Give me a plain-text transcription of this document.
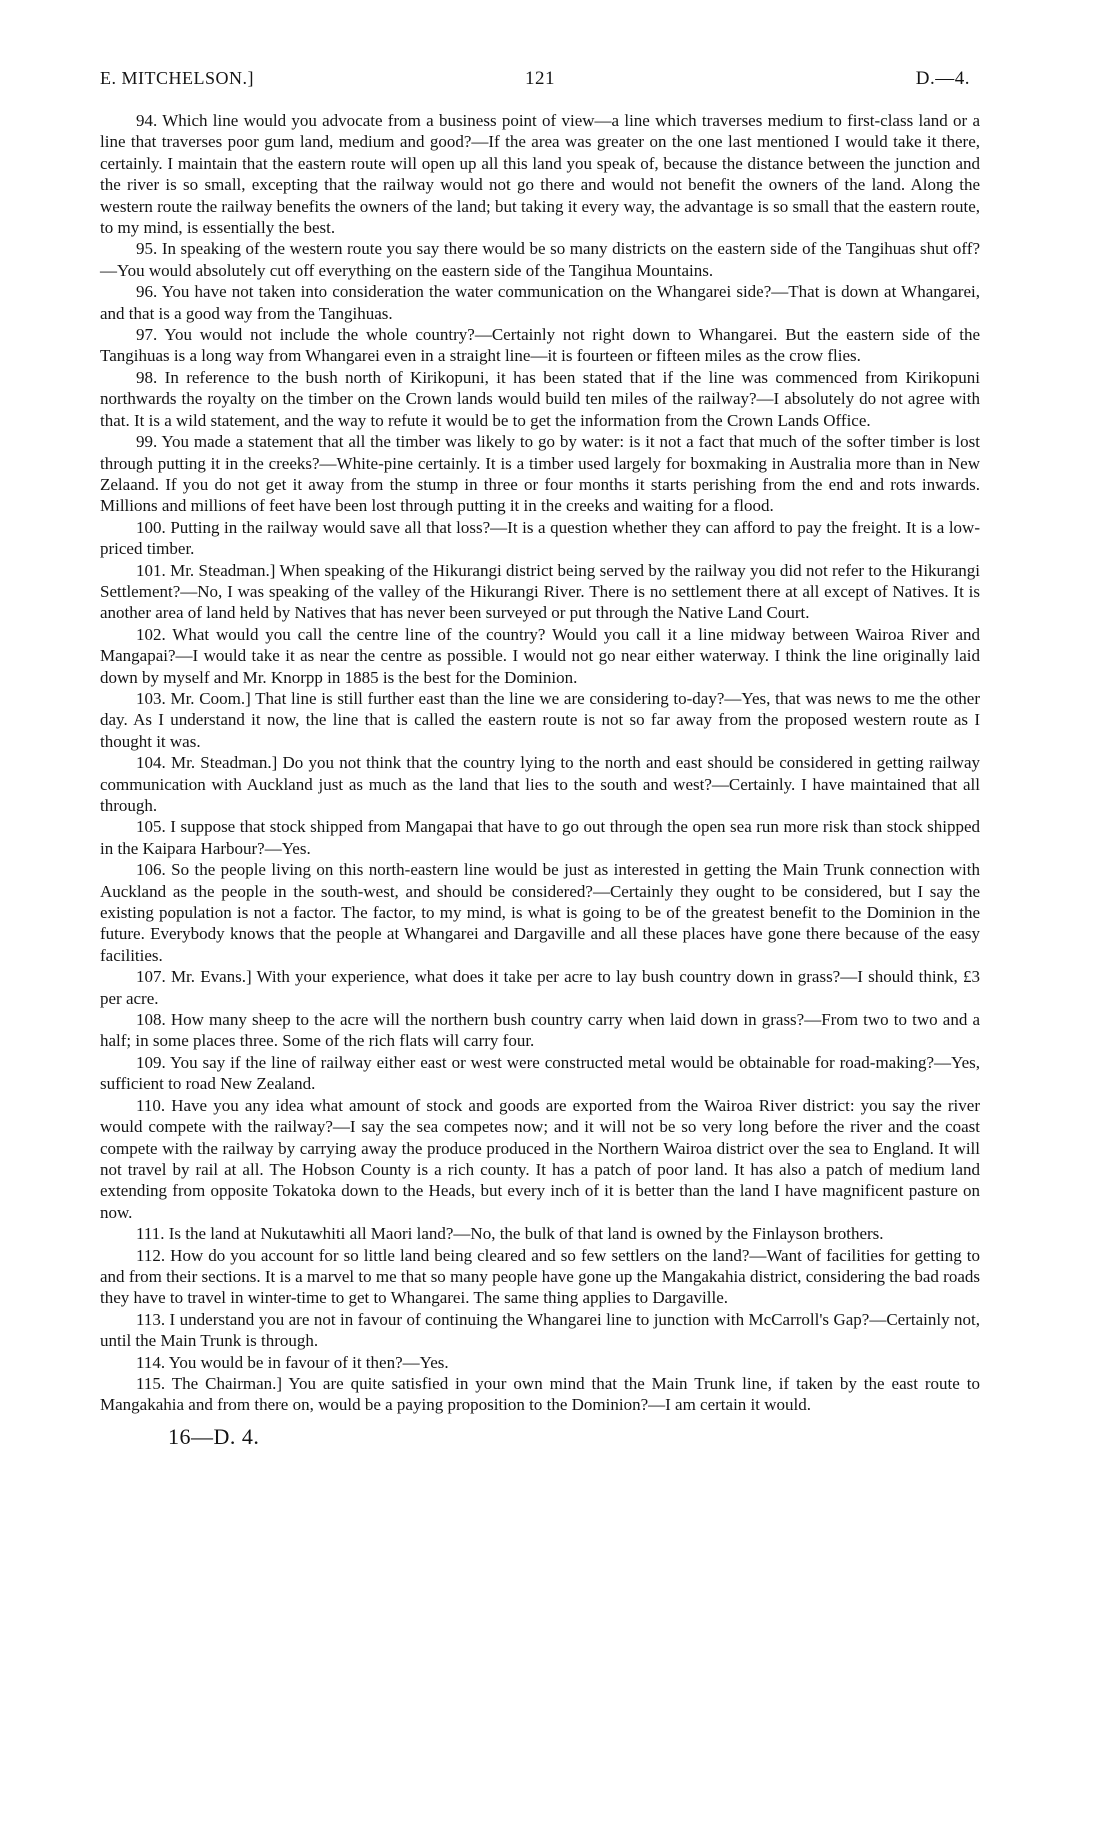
E. MITCHELSON.]	121	D.—4.

94. Which line would you advocate from a business point of view—a line which traverses medium to first-class land or a line that traverses poor gum land, medium and good?—If the area was greater on the one last mentioned I would take it there, certainly. I maintain that the eastern route will open up all this land you speak of, because the distance between the junction and the river is so small, excepting that the railway would not go there and would not benefit the owners of the land. Along the western route the railway benefits the owners of the land; but taking it every way, the advantage is so small that the eastern route, to my mind, is essentially the best.

95. In speaking of the western route you say there would be so many districts on the eastern side of the Tangihuas shut off?—You would absolutely cut off everything on the eastern side of the Tangihua Mountains.

96. You have not taken into consideration the water communication on the Whangarei side?—That is down at Whangarei, and that is a good way from the Tangihuas.

97. You would not include the whole country?—Certainly not right down to Whangarei. But the eastern side of the Tangihuas is a long way from Whangarei even in a straight line—it is fourteen or fifteen miles as the crow flies.

98. In reference to the bush north of Kirikopuni, it has been stated that if the line was commenced from Kirikopuni northwards the royalty on the timber on the Crown lands would build ten miles of the railway?—I absolutely do not agree with that. It is a wild statement, and the way to refute it would be to get the information from the Crown Lands Office.

99. You made a statement that all the timber was likely to go by water: is it not a fact that much of the softer timber is lost through putting it in the creeks?—White-pine certainly. It is a timber used largely for boxmaking in Australia more than in New Zelaand. If you do not get it away from the stump in three or four months it starts perishing from the end and rots inwards. Millions and millions of feet have been lost through putting it in the creeks and waiting for a flood.

100. Putting in the railway would save all that loss?—It is a question whether they can afford to pay the freight. It is a low-priced timber.

101. Mr. Steadman.] When speaking of the Hikurangi district being served by the railway you did not refer to the Hikurangi Settlement?—No, I was speaking of the valley of the Hikurangi River. There is no settlement there at all except of Natives. It is another area of land held by Natives that has never been surveyed or put through the Native Land Court.

102. What would you call the centre line of the country? Would you call it a line midway between Wairoa River and Mangapai?—I would take it as near the centre as possible. I would not go near either waterway. I think the line originally laid down by myself and Mr. Knorpp in 1885 is the best for the Dominion.

103. Mr. Coom.] That line is still further east than the line we are considering to-day?—Yes, that was news to me the other day. As I understand it now, the line that is called the eastern route is not so far away from the proposed western route as I thought it was.

104. Mr. Steadman.] Do you not think that the country lying to the north and east should be considered in getting railway communication with Auckland just as much as the land that lies to the south and west?—Certainly. I have maintained that all through.

105. I suppose that stock shipped from Mangapai that have to go out through the open sea run more risk than stock shipped in the Kaipara Harbour?—Yes.

106. So the people living on this north-eastern line would be just as interested in getting the Main Trunk connection with Auckland as the people in the south-west, and should be considered?—Certainly they ought to be considered, but I say the existing population is not a factor. The factor, to my mind, is what is going to be of the greatest benefit to the Dominion in the future. Everybody knows that the people at Whangarei and Dargaville and all these places have gone there because of the easy facilities.

107. Mr. Evans.] With your experience, what does it take per acre to lay bush country down in grass?—I should think, £3 per acre.

108. How many sheep to the acre will the northern bush country carry when laid down in grass?—From two to two and a half; in some places three. Some of the rich flats will carry four.

109. You say if the line of railway either east or west were constructed metal would be obtainable for road-making?—Yes, sufficient to road New Zealand.

110. Have you any idea what amount of stock and goods are exported from the Wairoa River district: you say the river would compete with the railway?—I say the sea competes now; and it will not be so very long before the river and the coast compete with the railway by carrying away the produce produced in the Northern Wairoa district over the sea to England. It will not travel by rail at all. The Hobson County is a rich county. It has a patch of poor land. It has also a patch of medium land extending from opposite Tokatoka down to the Heads, but every inch of it is better than the land I have magnificent pasture on now.

111. Is the land at Nukutawhiti all Maori land?—No, the bulk of that land is owned by the Finlayson brothers.

112. How do you account for so little land being cleared and so few settlers on the land?—Want of facilities for getting to and from their sections. It is a marvel to me that so many people have gone up the Mangakahia district, considering the bad roads they have to travel in winter-time to get to Whangarei. The same thing applies to Dargaville.

113. I understand you are not in favour of continuing the Whangarei line to junction with McCarroll's Gap?—Certainly not, until the Main Trunk is through.

114. You would be in favour of it then?—Yes.

115. The Chairman.] You are quite satisfied in your own mind that the Main Trunk line, if taken by the east route to Mangakahia and from there on, would be a paying proposition to the Dominion?—I am certain it would.

16—D. 4.
